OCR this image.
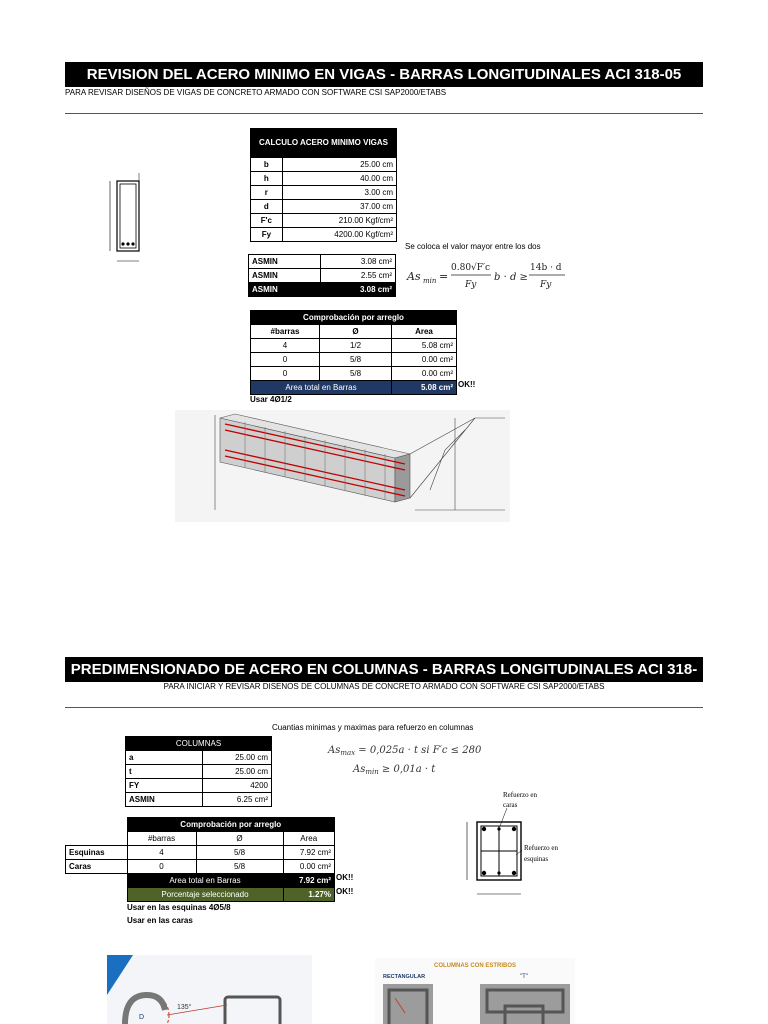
REVISION DEL ACERO MINIMO EN VIGAS - BARRAS LONGITUDINALES ACI 318-05
PARA REVISAR DISEÑOS DE VIGAS DE CONCRETO ARMADO CON SOFTWARE CSI SAP2000/ETABS
CALCULO ACERO MINIMO VIGAS	
b	25.00 cm
h	40.00 cm
r	3.00 cm
d	37.00 cm
F'c	210.00 Kgf/cm²
Fy	4200.00 Kgf/cm²
ASMIN	3.08 cm²
ASMIN	2.55 cm²
ASMIN	3.08 cm²
Se coloca el valor mayor entre los dos
As min =
0.80√F′c
Fy
b · d ≥
14b · d
Fy
Comprobación por arreglo		
#barras	Ø	Area
4	1/2	5.08 cm²
0	5/8	0.00 cm²
0	5/8	0.00 cm²
Area total en Barras		5.08 cm² OK!!
Usar 4Ø1/2
PREDIMENSIONADO DE ACERO EN COLUMNAS - BARRAS LONGITUDINALES ACI 318-05
PARA INICIAR Y REVISAR DISENOS DE COLUMNAS DE CONCRETO ARMADO CON SOFTWARE CSI SAP2000/ETABS
Cuantias minimas y maximas para refuerzo en columnas
$As_{max} = 0,025a \cdot t$ si F′c ≤ 280
$As_{min} \ge 0,01a \cdot t$
COLUMNAS	
a	25.00 cm
t	25.00 cm
FY	4200
ASMIN	6.25 cm²
	Comprobación por arreglo		
	#barras	Ø	Area
Esquinas	4	5/8	7.92 cm²
Caras	0	5/8	0.00 cm²
	Area total en Barras		7.92 cm²
	Porcentaje seleccionado		1.27%
OK!!
OK!!
Usar en las esquinas 4Ø5/8
Usar en las caras
Refuerzo en caras
Refuerzo en esquinas
135°
D
COLUMNAS CON ESTRIBOS
RECTANGULAR	"T"
